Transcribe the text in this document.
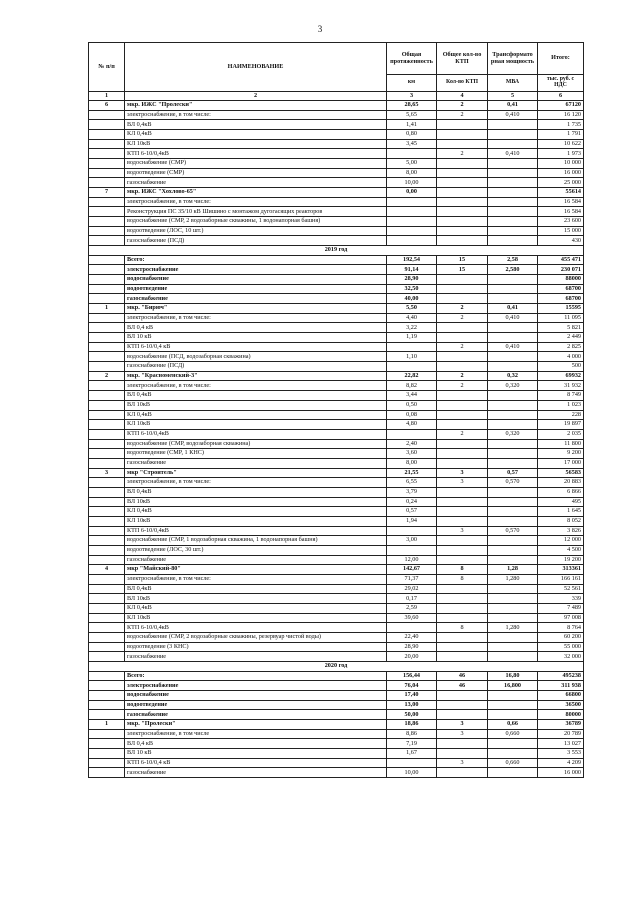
3
№ п/п	НАИМЕНОВАНИЕ	Общая протяженность	Общее кол-во КТП	Трансформато рная мощность	Итого:
		км	Кол-во КТП	МВА	тыс. руб. с НДС
1	2	3	4	5	6
6	мкр. ИЖС "Пролески"	28,65	2	0,41	67120
	электроснабжение, в том числе:	5,65	2	0,410	16 120
	ВЛ 0,4кВ	1,41			1 735
	КЛ 0,4кВ	0,80			1 791
	КЛ 10кВ	3,45			10 622
	КТП 6-10/0,4кВ		2	0,410	1 973
	водоснабжение (СМР)	5,00			10 000
	водоотведение (СМР)	8,00			16 000
	газоснабжение	10,00			25 000
7	мкр. ИЖС "Хохлово-65"	0,00			55614
	электроснабжение, в том числе:				16 584
	Реконструкция ПС 35/10 кВ Шишино с монтажом дугогасящих реакторов				16 584
	водоснабжение (СМР, 2 водозаборные скважины, 1 водонапорная башня)				23 600
	водоотведение (ЛОС, 10 шт.)				15 000
	газоснабжение (ПСД)				430
2019 год					
	Всего:	192,54	15	2,58	455 471
	электроснабжение	91,14	15	2,580	230 071
	водоснабжение	28,90			88000
	водоотведение	32,50			68700
	газоснабжение	40,00			68700
1	мкр. "Бирюч"	5,50	2	0,41	15595
	электроснабжение, в том числе:	4,40	2	0,410	11 095
	ВЛ 0,4 кВ	3,22			5 821
	ВЛ 10 кВ	1,19			2 449
	КТП 6-10/0,4 кВ		2	0,410	2 825
	водоснабжение (ПСД, водозаборная скважина)	1,10			4 000
	газоснабжение (ПСД)				500
2	мкр. "Красноменский-3"	22,82	2	0,32	69932
	электроснабжение, в том числе:	8,82	2	0,320	31 932
	ВЛ 0,4кВ	3,44			8 749
	ВЛ 10кВ	0,50			1 023
	КЛ 0,4кВ	0,08			228
	КЛ 10кВ	4,80			19 897
	КТП 6-10/0,4кВ		2	0,320	2 035
	водоснабжение (СМР, водозаборная скважина)	2,40			11 800
	водоотведение (СМР, 1 КНС)	3,60			9 200
	газоснабжение	8,00			17 000
3	мкр "Строитель"	21,55	3	0,57	56583
	электроснабжение, в том числе:	6,55	3	0,570	20 883
	ВЛ 0,4кВ	3,79			6 866
	ВЛ 10кВ	0,24			495
	КЛ 0,4кВ	0,57			1 645
	КЛ 10кВ	1,94			8 052
	КТП 6-10/0,4кВ		3	0,570	3 826
	водоснабжение (СМР, 1 водозаборная скважина, 1 водонапорная башня)	3,00			12 000
	водоотведение (ЛОС, 30 шт.)				4 500
	газоснабжение	12,00			19 200
4	мкр "Майский-80"	142,67	8	1,28	313361
	электроснабжение, в том числе:	71,37	8	1,280	166 161
	ВЛ 0,4кВ	29,02			52 561
	ВЛ 10кВ	0,17			339
	КЛ 0,4кВ	2,59			7 489
	КЛ 10кВ	39,60			97 008
	КТП 6-10/0,4кВ		8	1,280	8 764
	водоснабжение (СМР, 2 водозаборные скважины, резервуар чистой воды)	22,40			60 200
	водоотведение (3 КНС)	28,90			55 000
	газоснабжение	20,00			32 000
2020 год					
	Всего:	156,44	46	16,80	495238
	электроснабжение	76,04	46	16,800	311 938
	водоснабжение	17,40			66800
	водоотведение	13,00			36500
	газоснабжение	50,00			80000
1	мкр. "Пролески"	18,86	3	0,66	36789
	электроснабжение, в том числе	8,86	3	0,660	20 789
	ВЛ 0,4 кВ	7,19			13 027
	ВЛ 10 кВ	1,67			3 553
	КТП 6-10/0,4 кВ		3	0,660	4 209
	газоснабжение	10,00			16 000
